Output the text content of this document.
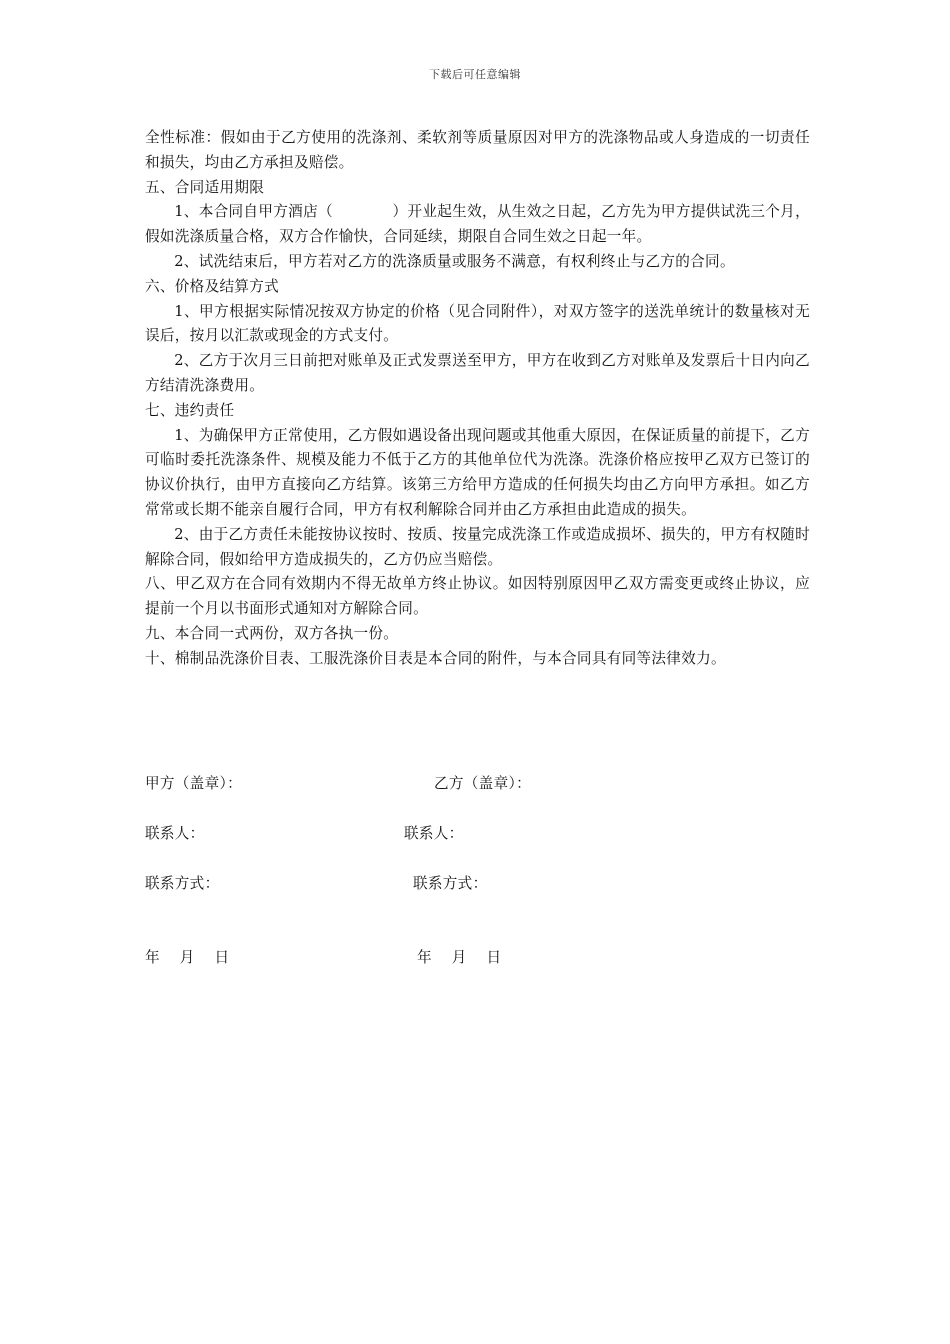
下载后可任意编辑

全性标准：假如由于乙方使用的洗涤剂、柔软剂等质量原因对甲方的洗涤物品或人身造成的一切责任和损失，均由乙方承担及赔偿。

五、合同适用期限

1、本合同自甲方酒店（　　　　）开业起生效，从生效之日起，乙方先为甲方提供试洗三个月，假如洗涤质量合格，双方合作愉快，合同延续，期限自合同生效之日起一年。

2、试洗结束后，甲方若对乙方的洗涤质量或服务不满意，有权利终止与乙方的合同。

六、价格及结算方式

1、甲方根据实际情况按双方协定的价格（见合同附件），对双方签字的送洗单统计的数量核对无误后，按月以汇款或现金的方式支付。

2、乙方于次月三日前把对账单及正式发票送至甲方，甲方在收到乙方对账单及发票后十日内向乙方结清洗涤费用。

七、违约责任

1、为确保甲方正常使用，乙方假如遇设备出现问题或其他重大原因，在保证质量的前提下，乙方可临时委托洗涤条件、规模及能力不低于乙方的其他单位代为洗涤。洗涤价格应按甲乙双方已签订的协议价执行，由甲方直接向乙方结算。该第三方给甲方造成的任何损失均由乙方向甲方承担。如乙方常常或长期不能亲自履行合同，甲方有权利解除合同并由乙方承担由此造成的损失。

2、由于乙方责任未能按协议按时、按质、按量完成洗涤工作或造成损坏、损失的，甲方有权随时解除合同，假如给甲方造成损失的，乙方仍应当赔偿。

八、甲乙双方在合同有效期内不得无故单方终止协议。如因特别原因甲乙双方需变更或终止协议，应提前一个月以书面形式通知对方解除合同。

九、本合同一式两份，双方各执一份。

十、棉制品洗涤价目表、工服洗涤价目表是本合同的附件，与本合同具有同等法律效力。

甲方（盖章）：	乙方（盖章）：
联系人：	联系人：
联系方式：	联系方式：
年　 月 　日	年　 月 　日
